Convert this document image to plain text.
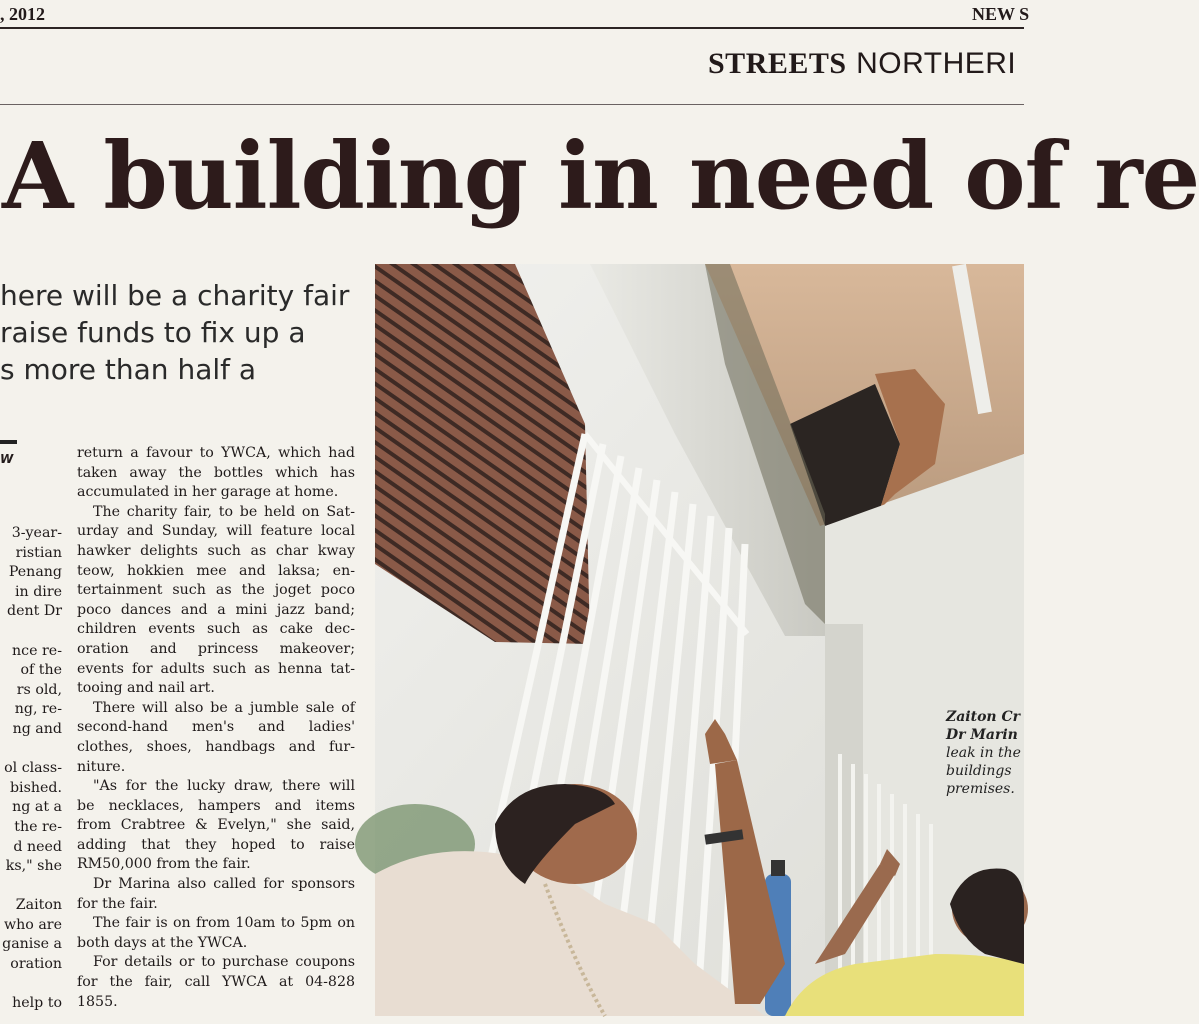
, 2012	NEW S
STREETS NORTHERI
A building in need of re
here will be a charity fair
raise funds to fix up a
s more than half a
W
3-year-
ristian
Penang
in dire
dent Dr

nce re-
of the
rs old,
ng, re-
ng and

ol class-
bished.
ng at a
the re-
d need
ks," she

Zaiton
who are
ganise a
oration

help to
return a favour to YWCA, which had
taken away the bottles which has
accumulated in her garage at home.
The charity fair, to be held on Sat-
urday and Sunday, will feature local
hawker delights such as char kway
teow, hokkien mee and laksa; en-
tertainment such as the joget poco
poco dances and a mini jazz band;
children events such as cake dec-
oration and princess makeover;
events for adults such as henna tat-
tooing and nail art.
There will also be a jumble sale of
second-hand men's and ladies'
clothes, shoes, handbags and fur-
niture.
"As for the lucky draw, there will
be necklaces, hampers and items
from Crabtree & Evelyn," she said,
adding that they hoped to raise
RM50,000 from the fair.
Dr Marina also called for sponsors
for the fair.
The fair is on from 10am to 5pm on
both days at the YWCA.
For details or to purchase coupons
for the fair, call YWCA at 04-828
1855.
Zaiton Cr
Dr Marin
leak in the
buildings
premises.
